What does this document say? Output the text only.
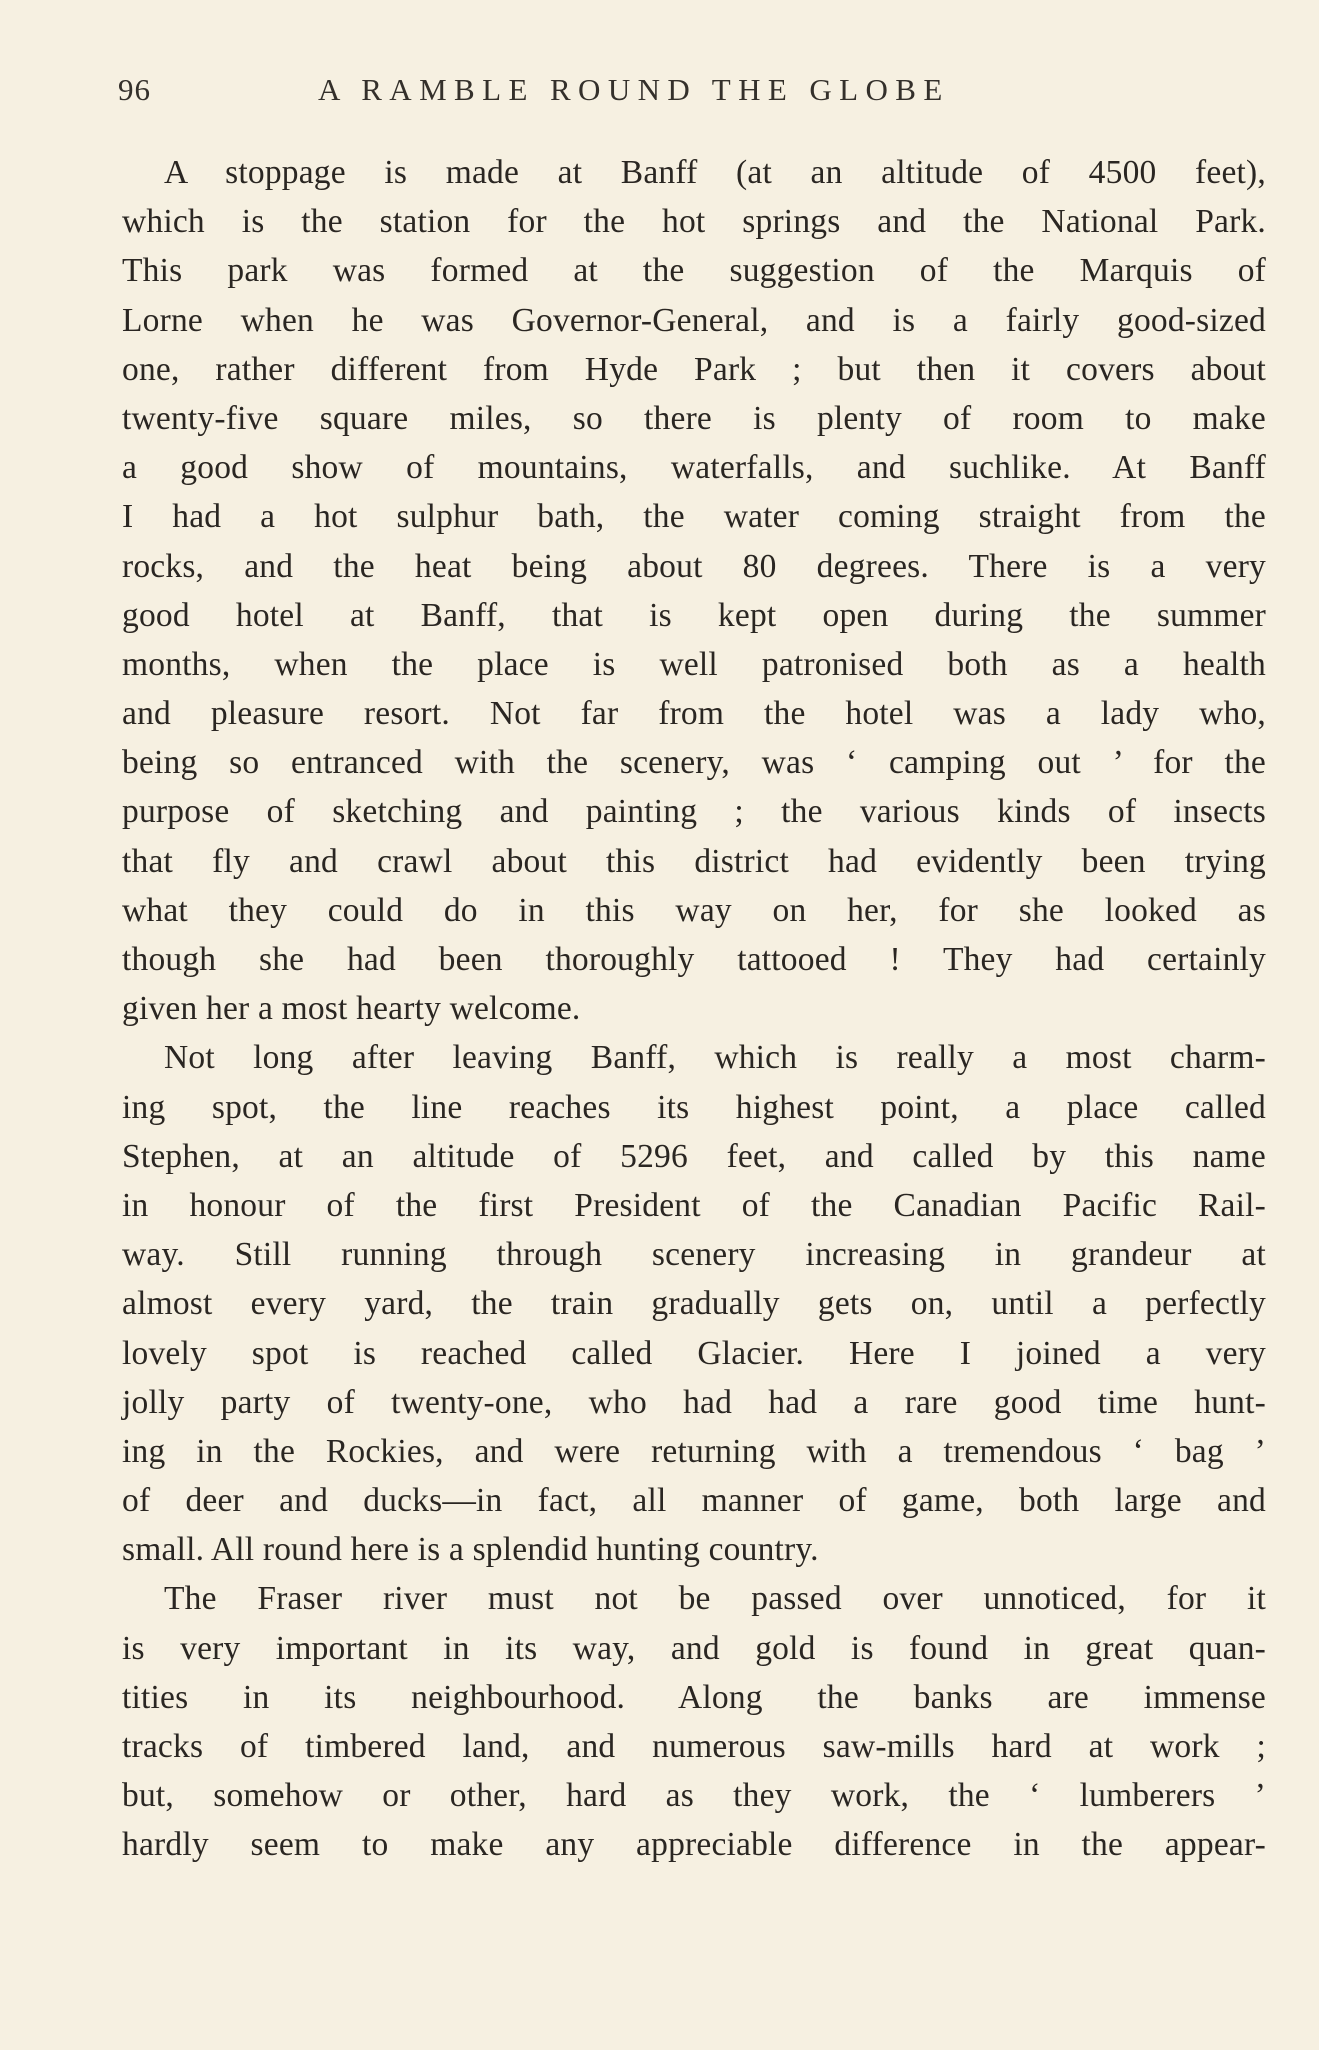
96	A RAMBLE ROUND THE GLOBE
A stoppage is made at Banff (at an altitude of 4500 feet),
which is the station for the hot springs and the National Park.
This park was formed at the suggestion of the Marquis of
Lorne when he was Governor-General, and is a fairly good-sized
one, rather different from Hyde Park ; but then it covers about
twenty-five square miles, so there is plenty of room to make
a good show of mountains, waterfalls, and suchlike. At Banff
I had a hot sulphur bath, the water coming straight from the
rocks, and the heat being about 80 degrees. There is a very
good hotel at Banff, that is kept open during the summer
months, when the place is well patronised both as a health
and pleasure resort. Not far from the hotel was a lady who,
being so entranced with the scenery, was ‘ camping out ’ for the
purpose of sketching and painting ; the various kinds of insects
that fly and crawl about this district had evidently been trying
what they could do in this way on her, for she looked as
though she had been thoroughly tattooed ! They had certainly
given her a most hearty welcome.
Not long after leaving Banff, which is really a most charm-
ing spot, the line reaches its highest point, a place called
Stephen, at an altitude of 5296 feet, and called by this name
in honour of the first President of the Canadian Pacific Rail-
way. Still running through scenery increasing in grandeur at
almost every yard, the train gradually gets on, until a perfectly
lovely spot is reached called Glacier. Here I joined a very
jolly party of twenty-one, who had had a rare good time hunt-
ing in the Rockies, and were returning with a tremendous ‘ bag ’
of deer and ducks—in fact, all manner of game, both large and
small. All round here is a splendid hunting country.
The Fraser river must not be passed over unnoticed, for it
is very important in its way, and gold is found in great quan-
tities in its neighbourhood. Along the banks are immense
tracks of timbered land, and numerous saw-mills hard at work ;
but, somehow or other, hard as they work, the ‘ lumberers ’
hardly seem to make any appreciable difference in the appear-
